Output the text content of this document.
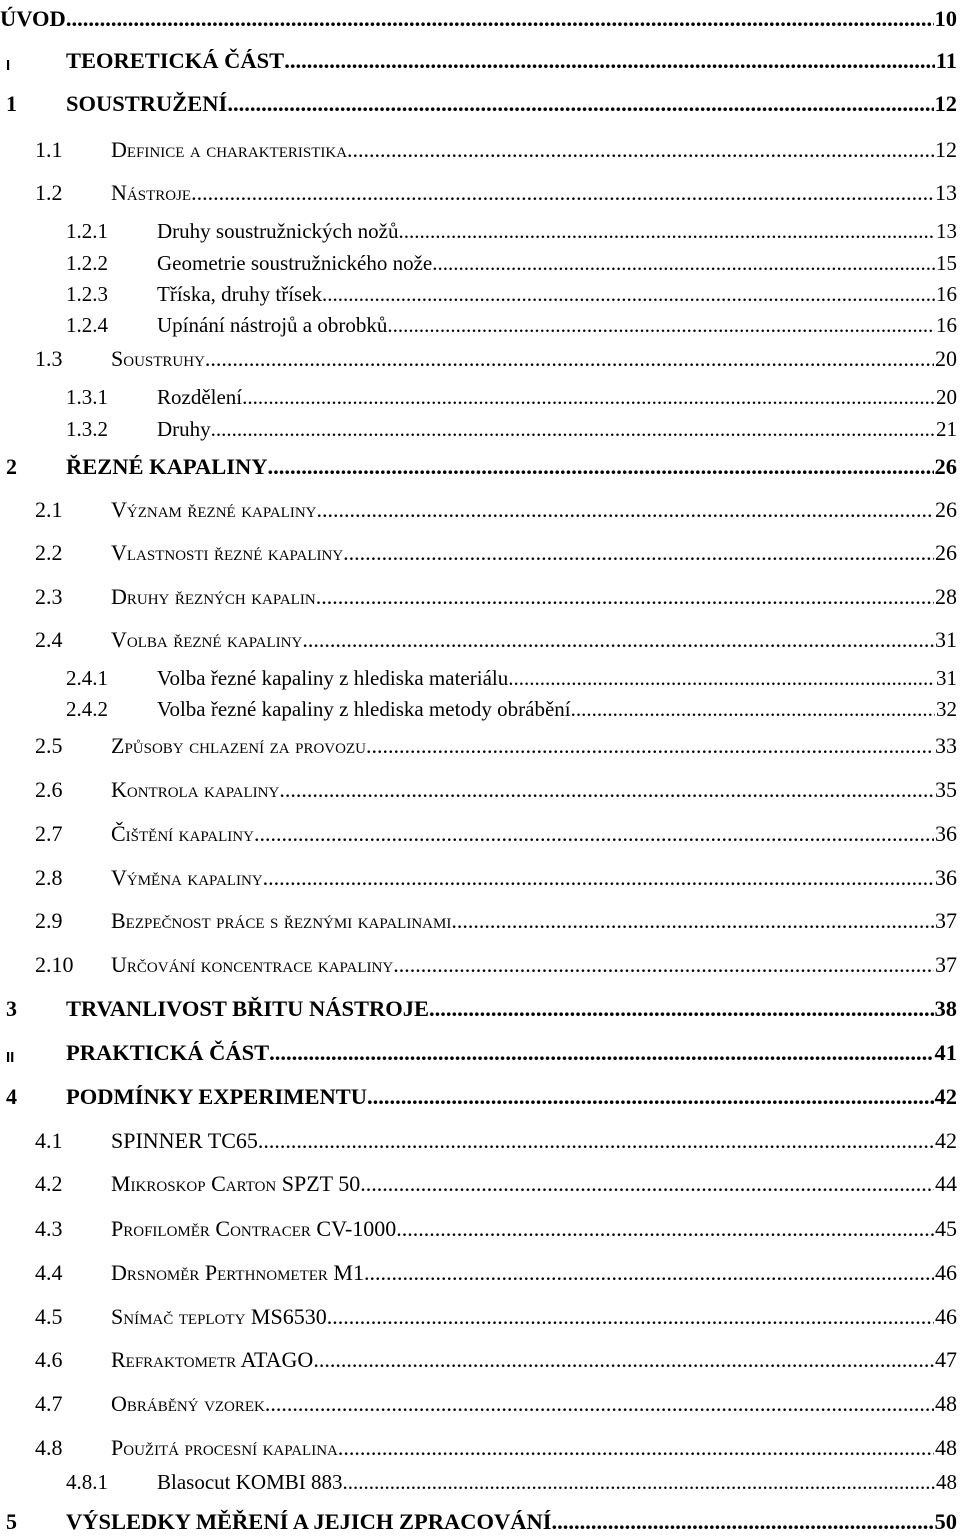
ÚVOD .....	10
I TEORETICKÁ ČÁST .....	11
1 SOUSTRUŽENÍ .....	12
1.1 Definice a charakteristika .....	12
1.2 Nástroje .....	13
1.2.1 Druhy soustružnických nožů .....	13
1.2.2 Geometrie soustružnického nože .....	15
1.2.3 Tříska, druhy třísek .....	16
1.2.4 Upínání nástrojů a obrobků .....	16
1.3 Soustruhy .....	20
1.3.1 Rozdělení .....	20
1.3.2 Druhy .....	21
2 ŘEZNÉ KAPALINY .....	26
2.1 Význam řezné kapaliny .....	26
2.2 Vlastnosti řezné kapaliny .....	26
2.3 Druhy řezných kapalin .....	28
2.4 Volba řezné kapaliny .....	31
2.4.1 Volba řezné kapaliny z hlediska materiálu .....	31
2.4.2 Volba řezné kapaliny z hlediska metody obrábění .....	32
2.5 Způsoby chlazení za provozu .....	33
2.6 Kontrola kapaliny .....	35
2.7 Čištění kapaliny .....	36
2.8 Výměna kapaliny .....	36
2.9 Bezpečnost práce s řeznými kapalinami .....	37
2.10 Určování koncentrace kapaliny .....	37
3 TRVANLIVOST BŘITU NÁSTROJE .....	38
II PRAKTICKÁ ČÁST .....	41
4 PODMÍNKY EXPERIMENTU .....	42
4.1 SPINNER TC65 .....	42
4.2 Mikroskop Carton SPZT 50 .....	44
4.3 Profiloměr Contracer CV-1000 .....	45
4.4 Drsnoměr Perthnometer M1 .....	46
4.5 Snímač teploty MS6530 .....	46
4.6 Refraktometr ATAGO .....	47
4.7 Obráběný vzorek .....	48
4.8 Použitá procesní kapalina .....	48
4.8.1 Blasocut KOMBI 883 .....	48
5 VÝSLEDKY MĚŘENÍ A JEJICH ZPRACOVÁNÍ .....	50
